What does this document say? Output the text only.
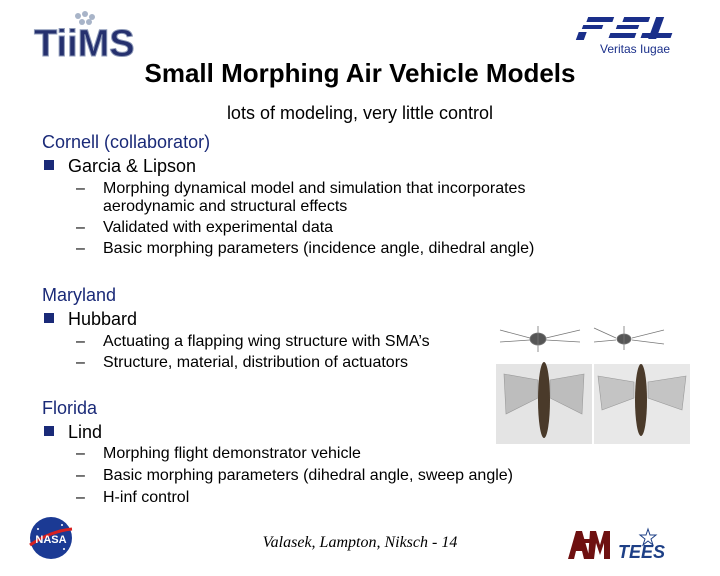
TiiMS	Veritas Iugae
Small Morphing Air Vehicle Models
lots of modeling, very little control
Cornell (collaborator)
Garcia & Lipson
– Morphing dynamical model and simulation that incorporates
aerodynamic and structural effects
– Validated with experimental data
– Basic morphing parameters (incidence angle, dihedral angle)
Maryland
Hubbard
– Actuating a flapping wing structure with SMA’s
– Structure, material, distribution of actuators
Florida
Lind
– Morphing flight demonstrator vehicle
– Basic morphing parameters (dihedral angle, sweep angle)
– H-inf control
NASA	Valasek, Lampton, Niksch - 14	TEES
